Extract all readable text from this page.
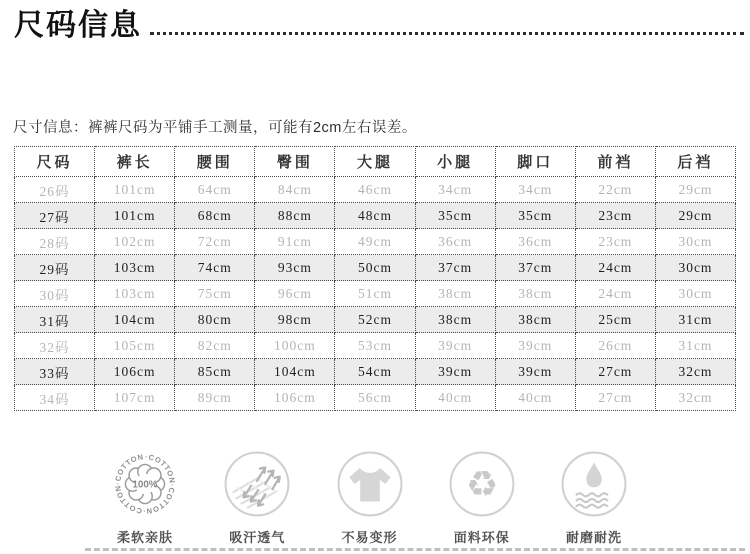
尺码信息
尺寸信息：裤裤尺码为平铺手工测量，可能有2cm左右误差。
尺码	裤长	腰围	臀围	大腿	小腿	脚口	前裆	后裆
26码	101cm	64cm	84cm	46cm	34cm	34cm	22cm	29cm
27码	101cm	68cm	88cm	48cm	35cm	35cm	23cm	29cm
28码	102cm	72cm	91cm	49cm	36cm	36cm	23cm	30cm
29码	103cm	74cm	93cm	50cm	37cm	37cm	24cm	30cm
30码	103cm	75cm	96cm	51cm	38cm	38cm	24cm	30cm
31码	104cm	80cm	98cm	52cm	38cm	38cm	25cm	31cm
32码	105cm	82cm	100cm	53cm	39cm	39cm	26cm	31cm
33码	106cm	85cm	104cm	54cm	39cm	39cm	27cm	32cm
34码	107cm	89cm	106cm	56cm	40cm	40cm	27cm	32cm
·COTTON·COTTON·COTTON·COTTON
100%
柔软亲肤	吸汗透气	不易变形
♻
面料环保	耐磨耐洗
